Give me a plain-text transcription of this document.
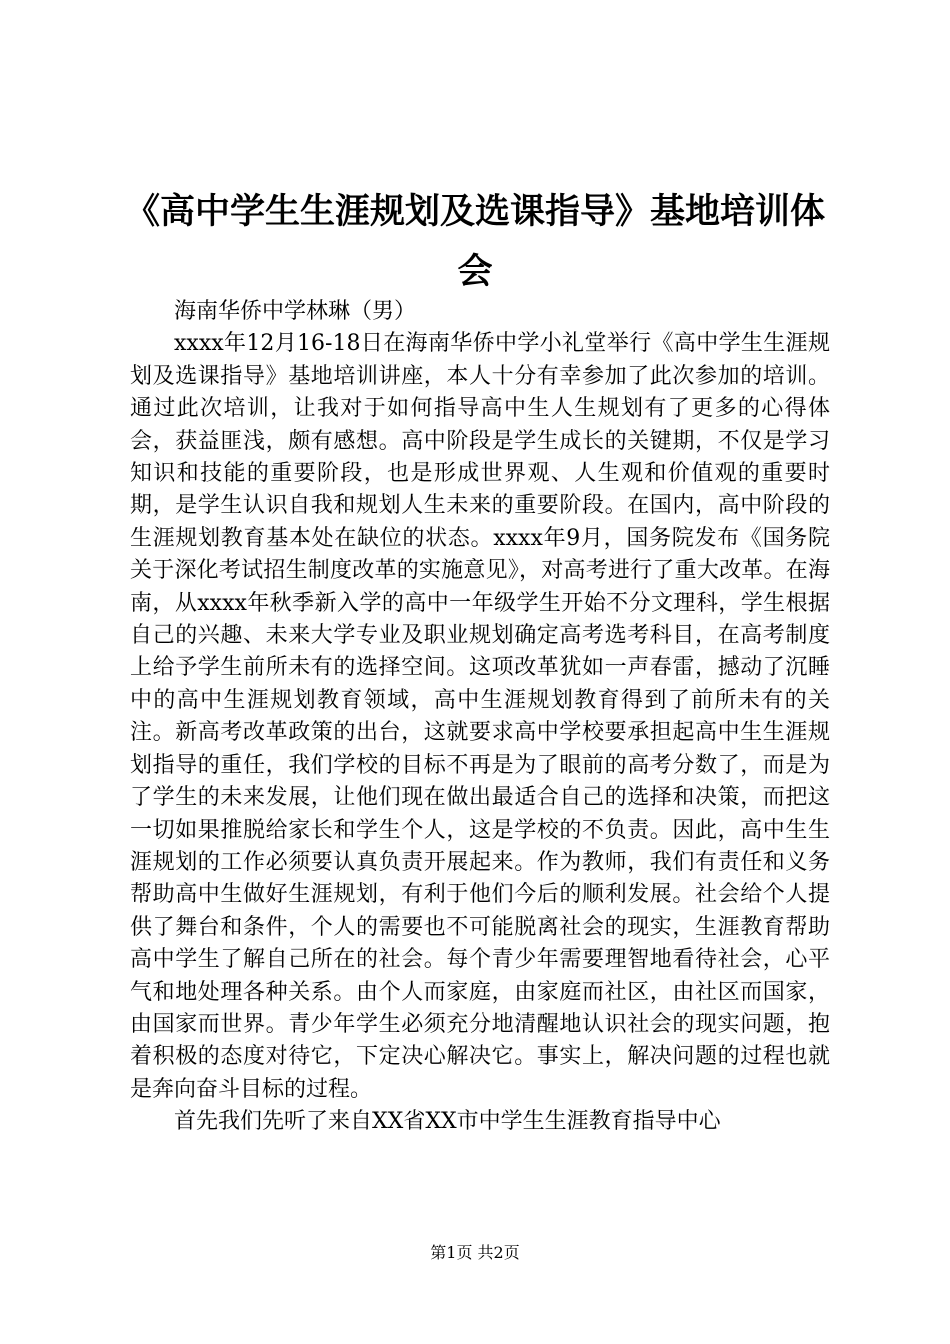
《高中学生生涯规划及选课指导》基地培训体会

海南华侨中学林琳（男）

xxxx年12月16-18日在海南华侨中学小礼堂举行《高中学生生涯规划及选课指导》基地培训讲座，本人十分有幸参加了此次参加的培训。通过此次培训，让我对于如何指导高中生人生规划有了更多的心得体会，获益匪浅，颇有感想。高中阶段是学生成长的关键期，不仅是学习知识和技能的重要阶段，也是形成世界观、人生观和价值观的重要时期，是学生认识自我和规划人生未来的重要阶段。在国内，高中阶段的生涯规划教育基本处在缺位的状态。xxxx年9月，国务院发布《国务院关于深化考试招生制度改革的实施意见》，对高考进行了重大改革。在海南，从xxxx年秋季新入学的高中一年级学生开始不分文理科，学生根据自己的兴趣、未来大学专业及职业规划确定高考选考科目，在高考制度上给予学生前所未有的选择空间。这项改革犹如一声春雷，撼动了沉睡中的高中生涯规划教育领域，高中生涯规划教育得到了前所未有的关注。新高考改革政策的出台，这就要求高中学校要承担起高中生生涯规划指导的重任，我们学校的目标不再是为了眼前的高考分数了，而是为了学生的未来发展，让他们现在做出最适合自己的选择和决策，而把这一切如果推脱给家长和学生个人，这是学校的不负责。因此，高中生生涯规划的工作必须要认真负责开展起来。作为教师，我们有责任和义务帮助高中生做好生涯规划，有利于他们今后的顺利发展。社会给个人提供了舞台和条件，个人的需要也不可能脱离社会的现实，生涯教育帮助高中学生了解自己所在的社会。每个青少年需要理智地看待社会，心平气和地处理各种关系。由个人而家庭，由家庭而社区，由社区而国家，由国家而世界。青少年学生必须充分地清醒地认识社会的现实问题，抱着积极的态度对待它，下定决心解决它。事实上，解决问题的过程也就是奔向奋斗目标的过程。

首先我们先听了来自XX省XX市中学生生涯教育指导中心

第1页 共2页
